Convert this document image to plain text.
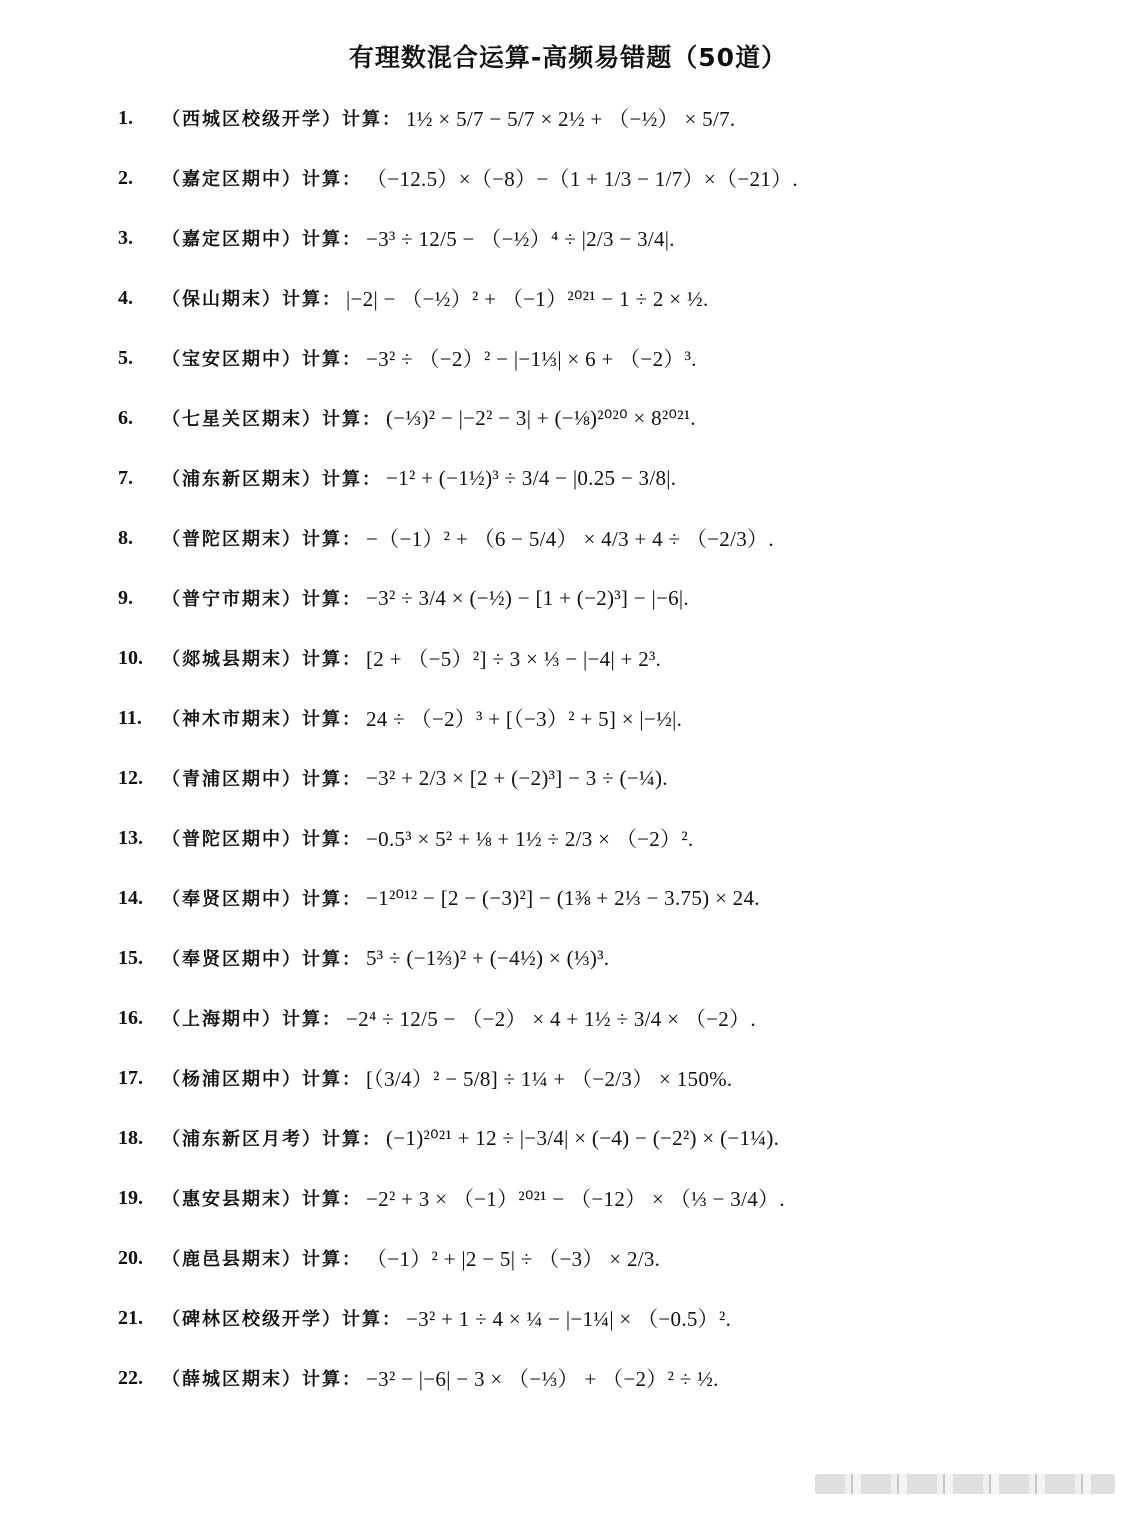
有理数混合运算-高频易错题（50道）
1.	（西城区校级开学） 计算： 1½ × 5/7 − 5/7 × 2½ + （−½） × 5/7.
2.	（嘉定区期中） 计算： （−12.5）×（−8）−（1 + 1/3 − 1/7）×（−21）.
3.	（嘉定区期中） 计算： −3³ ÷ 12/5 − （−½）⁴ ÷ |2/3 − 3/4|.
4.	（保山期末） 计算： |−2| − （−½）² + （−1）²⁰²¹ − 1 ÷ 2 × ½.
5.	（宝安区期中） 计算： −3² ÷ （−2）² − |−1⅓| × 6 + （−2）³.
6.	（七星关区期末） 计算： (−⅓)² − |−2² − 3| + (−⅛)²⁰²⁰ × 8²⁰²¹.
7.	（浦东新区期末） 计算： −1² + (−1½)³ ÷ 3/4 − |0.25 − 3/8|.
8.	（普陀区期末） 计算： −（−1）² + （6 − 5/4） × 4/3 + 4 ÷ （−2/3）.
9.	（普宁市期末） 计算： −3² ÷ 3/4 × (−½) − [1 + (−2)³] − |−6|.
10.	（郯城县期末） 计算： [2 + （−5）²] ÷ 3 × ⅓ − |−4| + 2³.
11.	（神木市期末） 计算： 24 ÷ （−2）³ + [（−3）² + 5] × |−½|.
12.	（青浦区期中） 计算： −3² + 2/3 × [2 + (−2)³] − 3 ÷ (−¼).
13.	（普陀区期中） 计算： −0.5³ × 5² + ⅛ + 1½ ÷ 2/3 × （−2）².
14.	（奉贤区期中） 计算： −1²⁰¹² − [2 − (−3)²] − (1⅜ + 2⅓ − 3.75) × 24.
15.	（奉贤区期中） 计算： 5³ ÷ (−1⅔)² + (−4½) × (⅓)³.
16.	（上海期中） 计算： −2⁴ ÷ 12/5 − （−2） × 4 + 1½ ÷ 3/4 × （−2）.
17.	（杨浦区期中） 计算： [（3/4）² − 5/8] ÷ 1¼ + （−2/3） × 150%.
18.	（浦东新区月考） 计算： (−1)²⁰²¹ + 12 ÷ |−3/4| × (−4) − (−2²) × (−1¼).
19.	（惠安县期末） 计算： −2² + 3 × （−1）²⁰²¹ − （−12） × （⅓ − 3/4）.
20.	（鹿邑县期末） 计算： （−1）² + |2 − 5| ÷ （−3） × 2/3.
21.	（碑林区校级开学） 计算： −3² + 1 ÷ 4 × ¼ − |−1¼| × （−0.5）².
22.	（薛城区期末） 计算： −3² − |−6| − 3 × （−⅓） + （−2）² ÷ ½.
